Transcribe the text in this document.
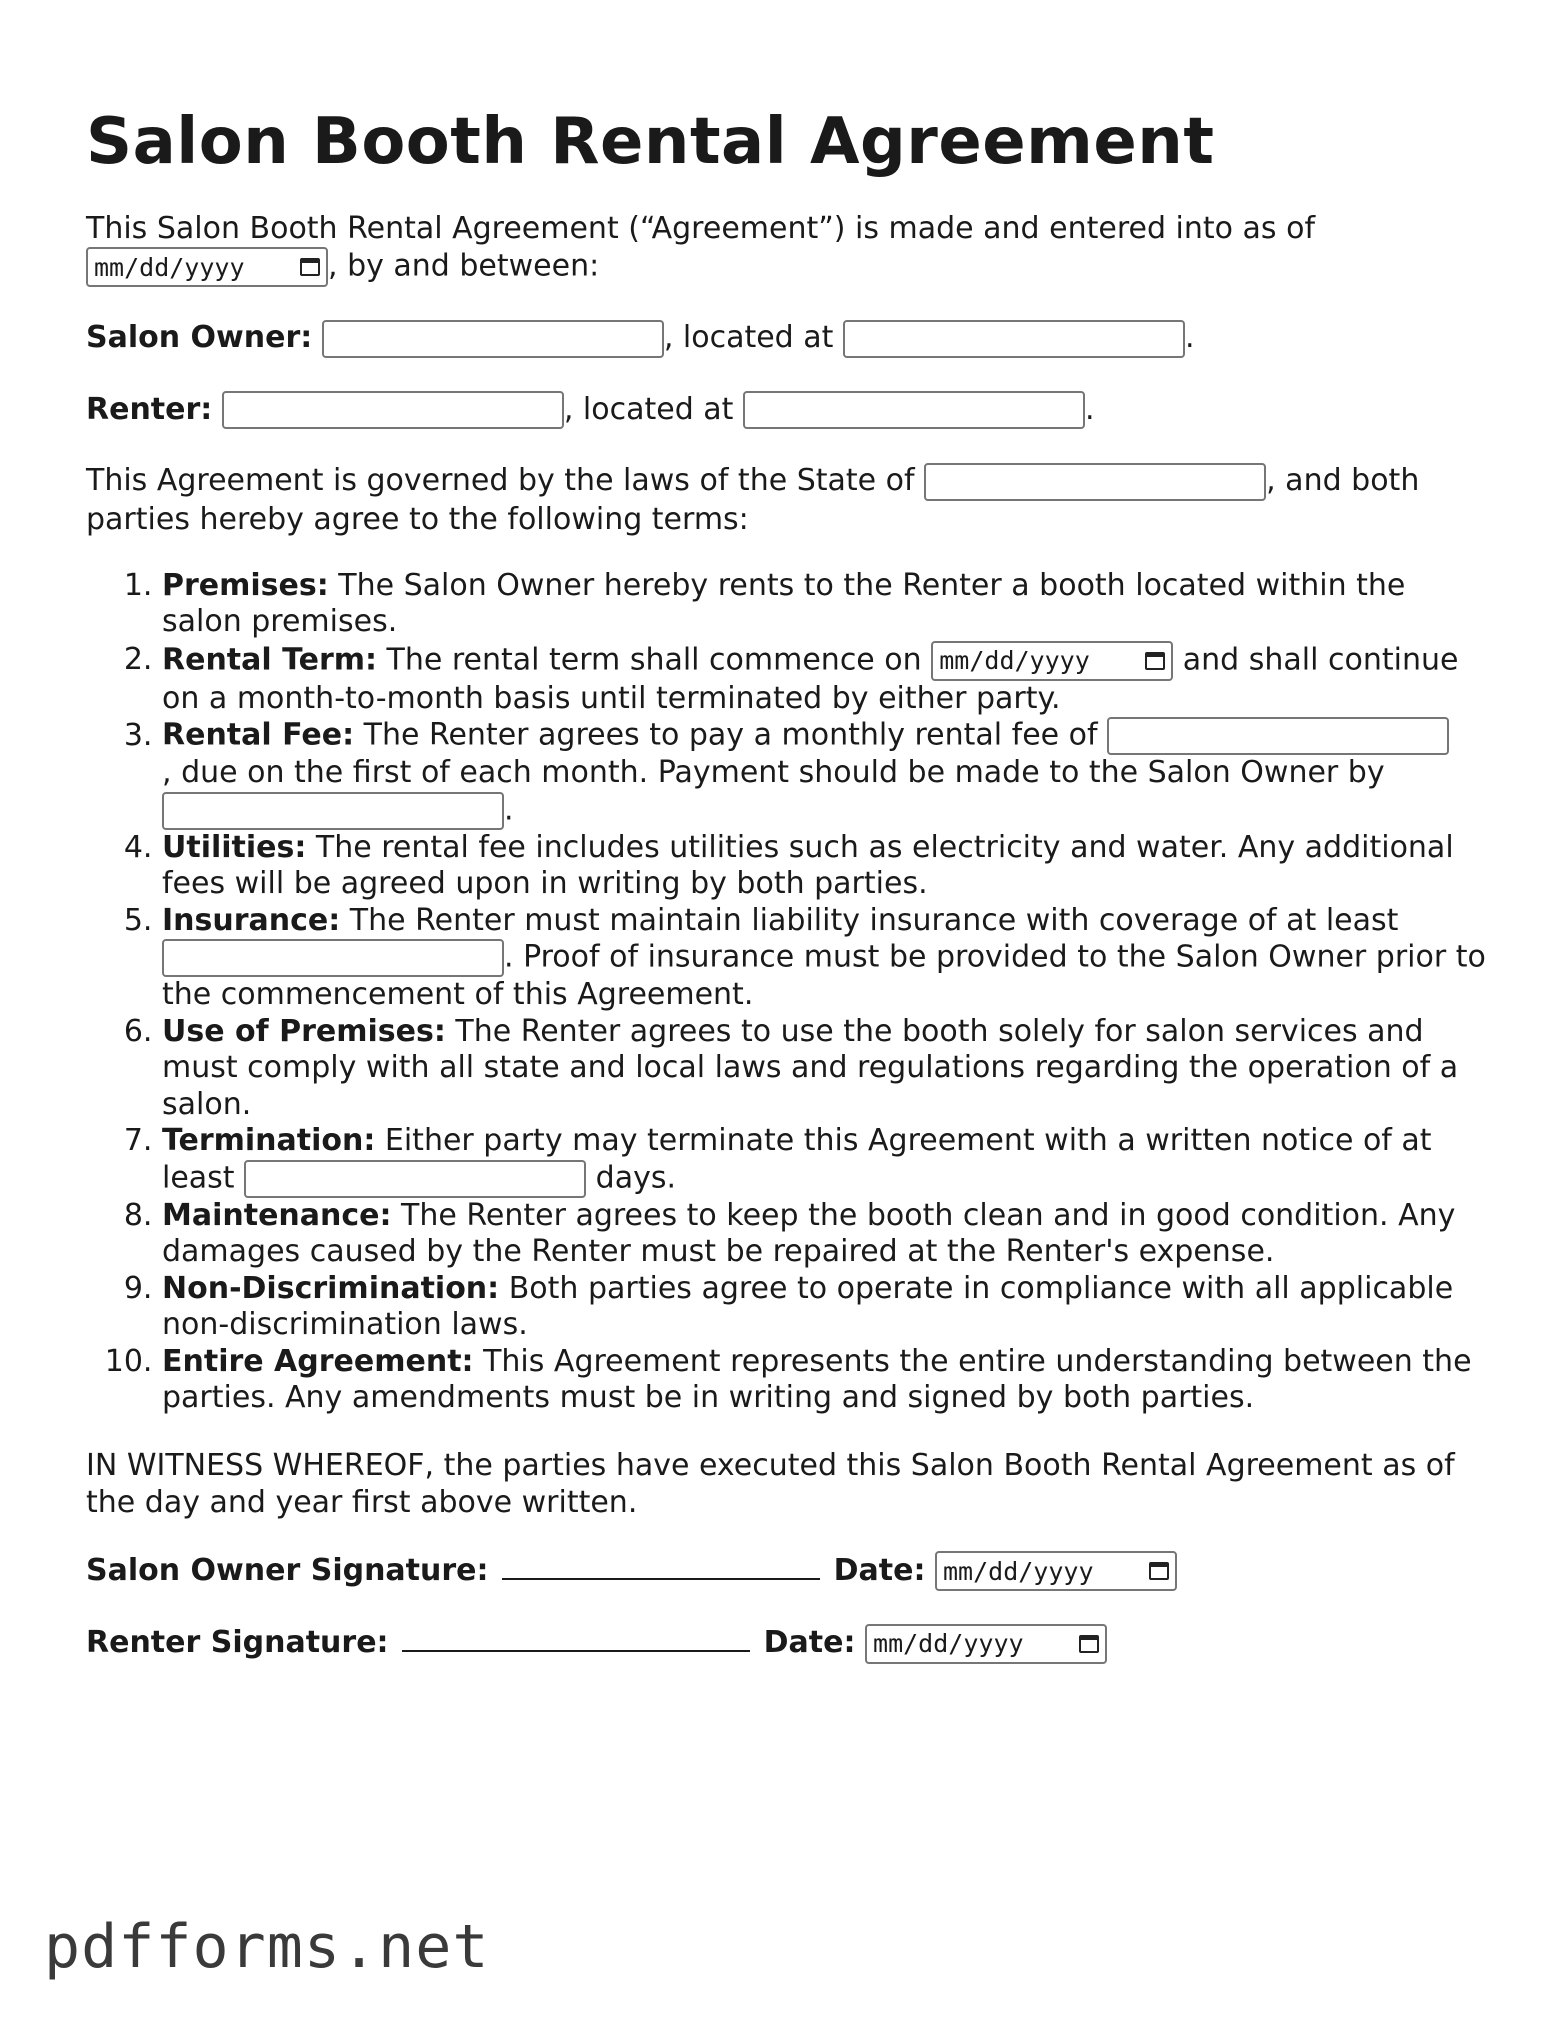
Salon Booth Rental Agreement

This Salon Booth Rental Agreement (“Agreement”) is made and entered into as of

mm/dd/yyyy	, by and between:

Salon Owner:	, located at	.

Renter:	, located at	.

This Agreement is governed by the laws of the State of	, and both parties hereby agree to the following terms:

1. Premises: The Salon Owner hereby rents to the Renter a booth located within the salon premises.
2. Rental Term: The rental term shall commence on mm/dd/yyyy	and shall continue on a month-to-month basis until terminated by either party.
3. Rental Fee: The Renter agrees to pay a monthly rental fee of
, due on the first of each month. Payment should be made to the Salon Owner by
.
4. Utilities: The rental fee includes utilities such as electricity and water. Any additional fees will be agreed upon in writing by both parties.
5. Insurance: The Renter must maintain liability insurance with coverage of at least
. Proof of insurance must be provided to the Salon Owner prior to the commencement of this Agreement.
6. Use of Premises: The Renter agrees to use the booth solely for salon services and must comply with all state and local laws and regulations regarding the operation of a salon.
7. Termination: Either party may terminate this Agreement with a written notice of at least	days.
8. Maintenance: The Renter agrees to keep the booth clean and in good condition. Any damages caused by the Renter must be repaired at the Renter's expense.
9. Non-Discrimination: Both parties agree to operate in compliance with all applicable non-discrimination laws.
10. Entire Agreement: This Agreement represents the entire understanding between the parties. Any amendments must be in writing and signed by both parties.

IN WITNESS WHEREOF, the parties have executed this Salon Booth Rental Agreement as of the day and year first above written.

Salon Owner Signature:	Date: mm/dd/yyyy

Renter Signature:	Date: mm/dd/yyyy

pdfforms.net
